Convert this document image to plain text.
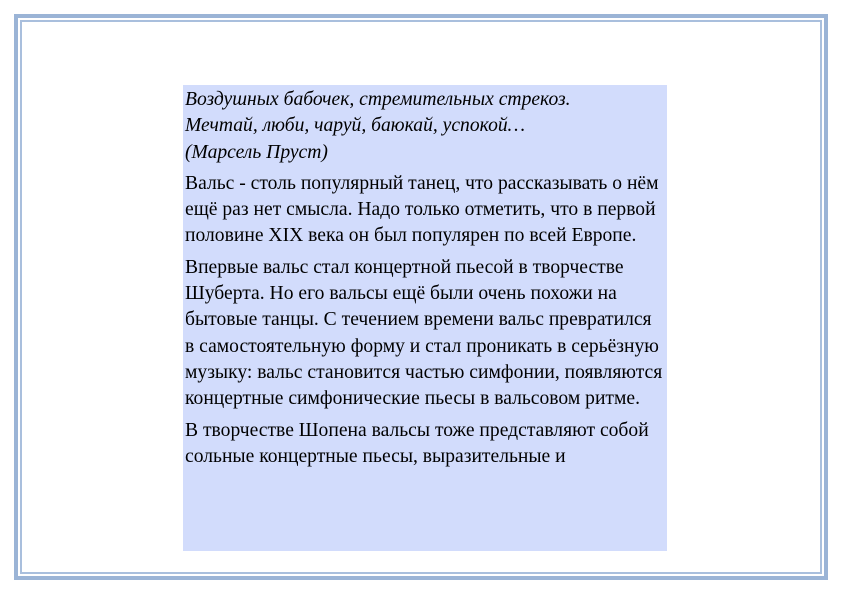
Воздушных бабочек, стремительных стрекоз.
Мечтай, люби, чаруй, баюкай, успокой…
(Марсель Пруст)
Вальс - столь популярный танец, что рассказывать о нём ещё раз нет смысла. Надо только отметить, что в первой половине XIX века он был популярен по всей Европе.
Впервые вальс стал концертной пьесой в творчестве Шуберта. Но его вальсы ещё были очень похожи на бытовые танцы. С течением времени вальс превратился в самостоятельную форму и стал проникать в серьёзную музыку: вальс становится частью симфонии, появляются концертные симфонические пьесы в вальсовом ритме.
В творчестве Шопена вальсы тоже представляют собой сольные концертные пьесы, выразительные и
